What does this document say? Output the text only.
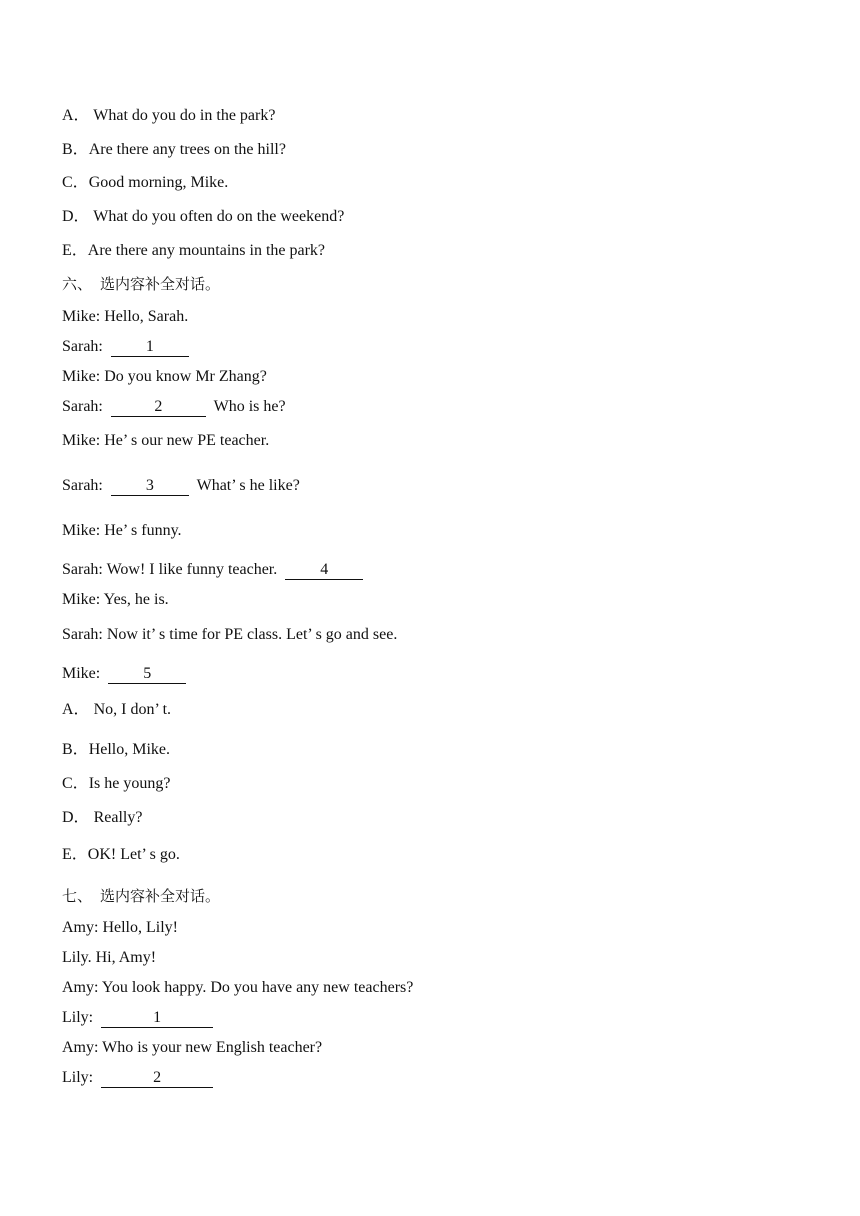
A． What do you do in the park?
B．Are there any trees on the hill?
C．Good morning, Mike.
D． What do you often do on the weekend?
E．Are there any mountains in the park?
六、 选内容补全对话。
Mike: Hello, Sarah.
Sarah:	1
Mike: Do you know Mr Zhang?
Sarah:	2	Who is he?
Mike: He’ s our new PE teacher.
Sarah:	3	What’ s he like?
Mike: He’ s funny.
Sarah: Wow! I like funny teacher.	4
Mike: Yes, he is.
Sarah: Now it’ s time for PE class. Let’ s go and see.
Mike:	5
A． No, I don’ t.
B．Hello, Mike.
C．Is he young?
D． Really?
E．OK! Let’ s go.
七、 选内容补全对话。
Amy: Hello, Lily!
Lily. Hi, Amy!
Amy: You look happy. Do you have any new teachers?
Lily:	1
Amy: Who is your new English teacher?
Lily:	2
